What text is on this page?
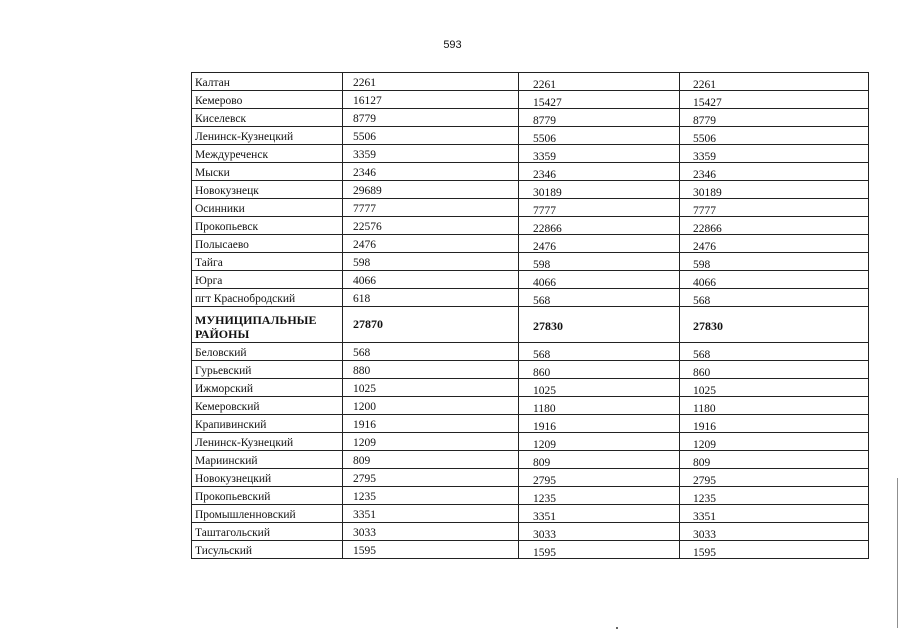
593
Калтан	2261	2261	2261
Кемерово	16127	15427	15427
Киселевск	8779	8779	8779
Ленинск-Кузнецкий	5506	5506	5506
Междуреченск	3359	3359	3359
Мыски	2346	2346	2346
Новокузнецк	29689	30189	30189
Осинники	7777	7777	7777
Прокопьевск	22576	22866	22866
Полысаево	2476	2476	2476
Тайга	598	598	598
Юрга	4066	4066	4066
пгт Краснобродский	618	568	568
МУНИЦИПАЛЬНЫЕ РАЙОНЫ	27870	27830	27830
Беловский	568	568	568
Гурьевский	880	860	860
Ижморский	1025	1025	1025
Кемеровский	1200	1180	1180
Крапивинский	1916	1916	1916
Ленинск-Кузнецкий	1209	1209	1209
Мариинский	809	809	809
Новокузнецкий	2795	2795	2795
Прокопьевский	1235	1235	1235
Промышленновский	3351	3351	3351
Таштагольский	3033	3033	3033
Тисульский	1595	1595	1595
